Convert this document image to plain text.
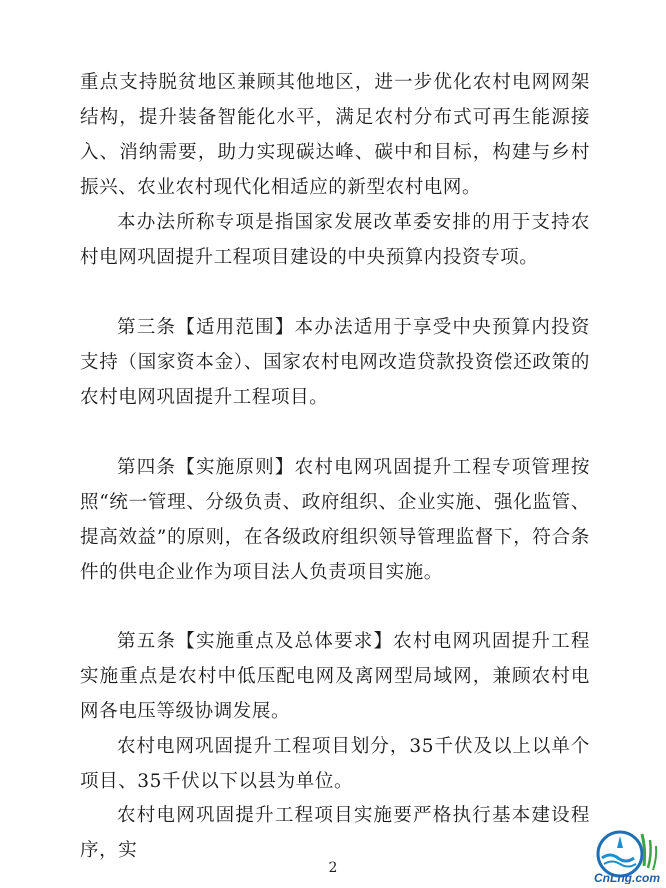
重点支持脱贫地区兼顾其他地区，进一步优化农村电网网架结构，提升装备智能化水平，满足农村分布式可再生能源接入、消纳需要，助力实现碳达峰、碳中和目标，构建与乡村振兴、农业农村现代化相适应的新型农村电网。

本办法所称专项是指国家发展改革委安排的用于支持农村电网巩固提升工程项目建设的中央预算内投资专项。

第三条【适用范围】本办法适用于享受中央预算内投资支持（国家资本金）、国家农村电网改造贷款投资偿还政策的农村电网巩固提升工程项目。

第四条【实施原则】农村电网巩固提升工程专项管理按照“统一管理、分级负责、政府组织、企业实施、强化监管、提高效益”的原则，在各级政府组织领导管理监督下，符合条件的供电企业作为项目法人负责项目实施。

第五条【实施重点及总体要求】农村电网巩固提升工程实施重点是农村中低压配电网及离网型局域网，兼顾农村电网各电压等级协调发展。

农村电网巩固提升工程项目划分，35千伏及以上以单个项目、35千伏以下以县为单位。

农村电网巩固提升工程项目实施要严格执行基本建设程序，实

2
CnLng.com
